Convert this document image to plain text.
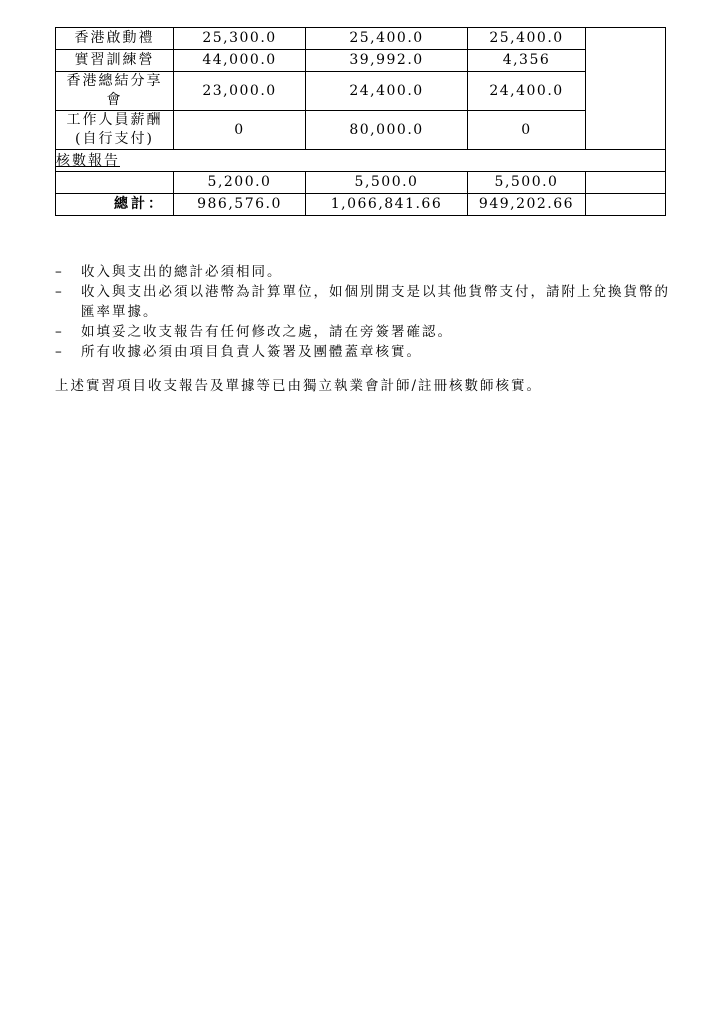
香港啟動禮	25,300.0	25,400.0	25,400.0	
實習訓練營	44,000.0	39,992.0	4,356	
香港總結分享會	23,000.0	24,400.0	24,400.0	
工作人員薪酬 (自行支付)	0	80,000.0	0	
核數報告				
	5,200.0	5,500.0	5,500.0	
總計：	986,576.0	1,066,841.66	949,202.66	
–	收入與支出的總計必須相同。
–	收入與支出必須以港幣為計算單位，如個別開支是以其他貨幣支付，請附上兌換貨幣的匯率單據。
–	如填妥之收支報告有任何修改之處，請在旁簽署確認。
–	所有收據必須由項目負責人簽署及團體蓋章核實。
上述實習項目收支報告及單據等已由獨立執業會計師/註冊核數師核實。
